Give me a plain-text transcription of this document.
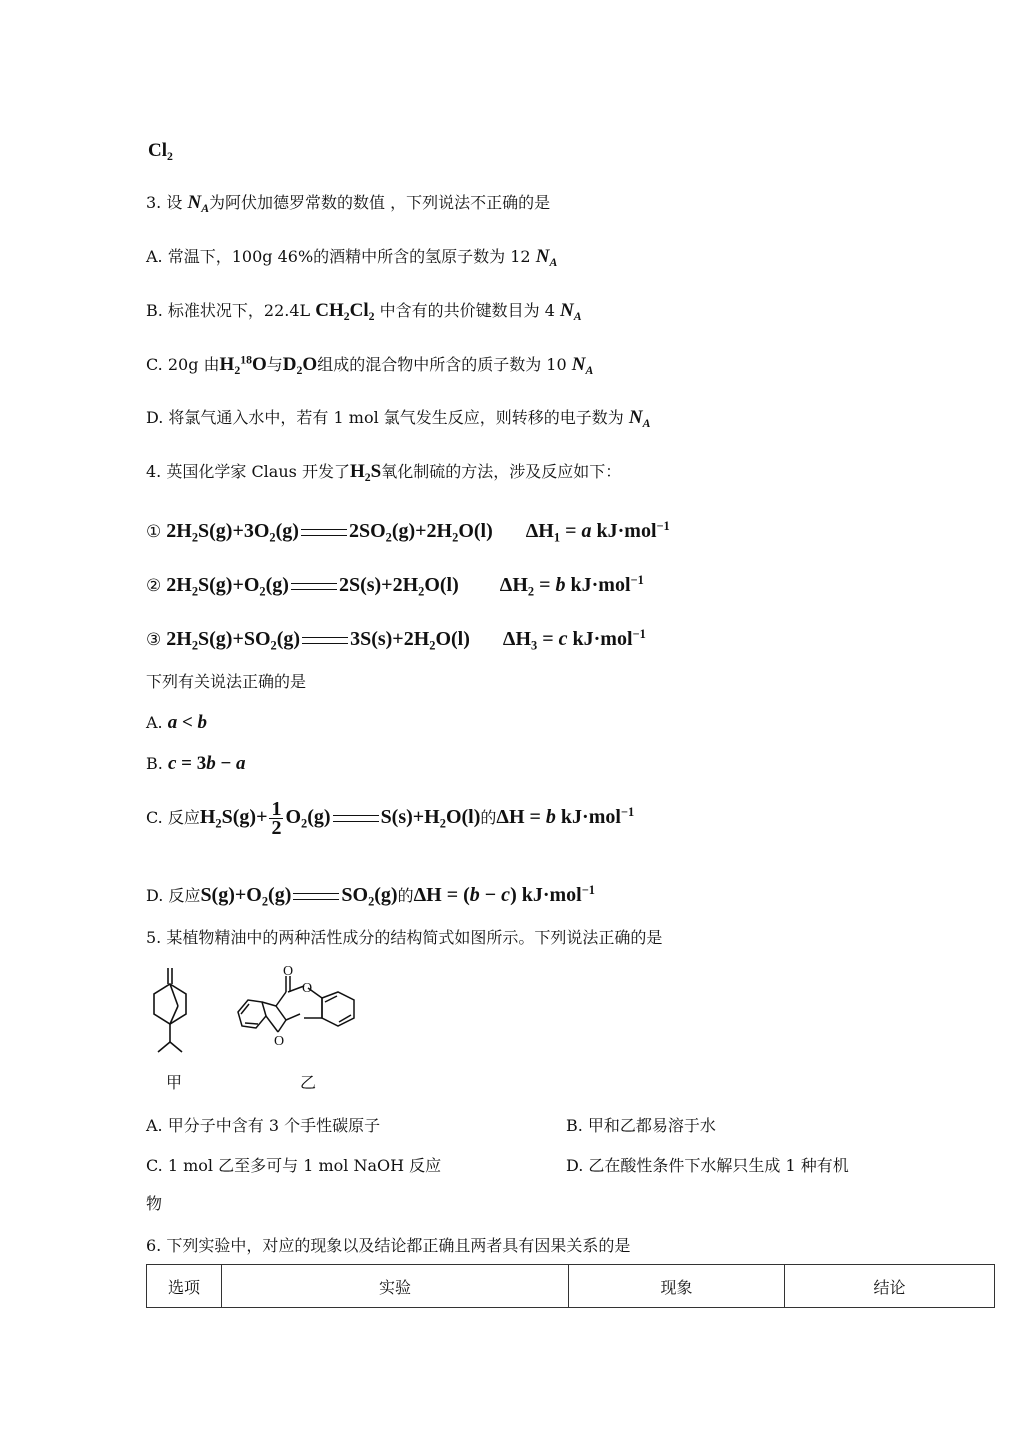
$Cl_2$
3. 设 $N_A$为阿伏加德罗常数的数值 ，下列说法不正确的是
A. 常温下，100g 46%的酒精中所含的氢原子数为 12 $N_A$
B. 标准状况下，22.4L $CH_2Cl_2$ 中含有的共价键数目为 4 $N_A$
C. 20g 由$H_2^{18}O$与$D_2O$组成的混合物中所含的质子数为 10 $N_A$
D. 将氯气通入水中，若有 1 mol 氯气发生反应，则转移的电子数为 $N_A$
4. 英国化学家 Claus 开发了$H_2S$氧化制硫的方法，涉及反应如下：
① $2H_2S(g)+3O_2(g)$	$2SO_2(g)+2H_2O(l) \Delta H_1 = a$ kJ·mol$^{-1}$
② $2H_2S(g)+O_2(g)$	$2S(s)+2H_2O(l) \Delta H_2 = b$ kJ·mol$^{-1}$
③ $2H_2S(g)+SO_2(g)$	$3S(s)+2H_2O(l) \Delta H_3 = c$ kJ·mol$^{-1}$
下列有关说法正确的是
A. a < b
B. c = 3b − a
C. 反应$H_2S(g)+ \frac{1}{2} O_2(g)$	$S(s)+H_2O(l)$的ΔH = b kJ·mol$^{-1}$
D. 反应$S(g)+O_2(g)$	$SO_2(g)$的ΔH = (b − c) kJ·mol$^{-1}$
5. 某植物精油中的两种活性成分的结构简式如图所示。下列说法正确的是
O
O
O
甲	乙
A. 甲分子中含有 3 个手性碳原子	B. 甲和乙都易溶于水
C. 1 mol 乙至多可与 1 mol NaOH 反应	D. 乙在酸性条件下水解只生成 1 种有机
物
6. 下列实验中，对应的现象以及结论都正确且两者具有因果关系的是
选项	实验	现象	结论
